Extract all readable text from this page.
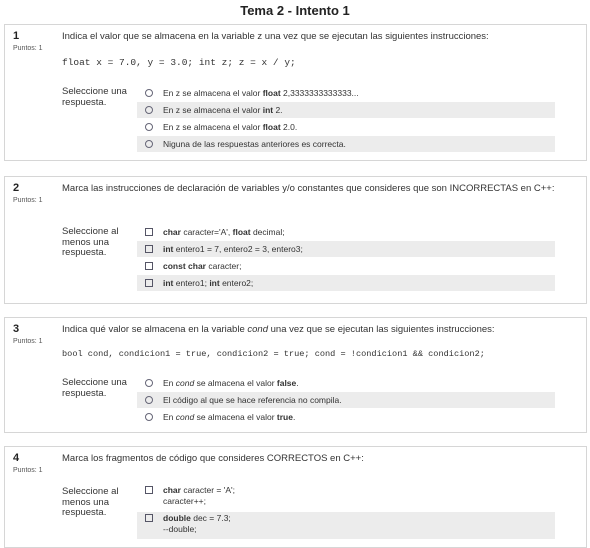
Tema 2 - Intento 1
1
Puntos: 1
Indica el valor que se almacena en la variable z una vez que se ejecutan las siguientes instrucciones:
float x = 7.0, y = 3.0; int z; z = x / y;
Seleccione una respuesta.
En z se almacena el valor float 2,3333333333333...
En z se almacena el valor int 2.
En z se almacena el valor float 2.0.
Niguna de las respuestas anteriores es correcta.
2
Puntos: 1
Marca las instrucciones de declaración de variables y/o constantes que consideres que son INCORRECTAS en C++:
Seleccione al menos una respuesta.
char caracter='A', float decimal;
int entero1 = 7, entero2 = 3, entero3;
const char caracter;
int entero1; int entero2;
3
Puntos: 1
Indica qué valor se almacena en la variable cond una vez que se ejecutan las siguientes instrucciones:
bool cond, condicion1 = true, condicion2 = true; cond = !condicion1 && condicion2;
Seleccione una respuesta.
En cond se almacena el valor false.
El código al que se hace referencia no compila.
En cond se almacena el valor true.
4
Puntos: 1
Marca los fragmentos de código que consideres CORRECTOS en C++:
Seleccione al menos una respuesta.
char caracter = 'A';
caracter++;
double dec = 7.3;
--double;
